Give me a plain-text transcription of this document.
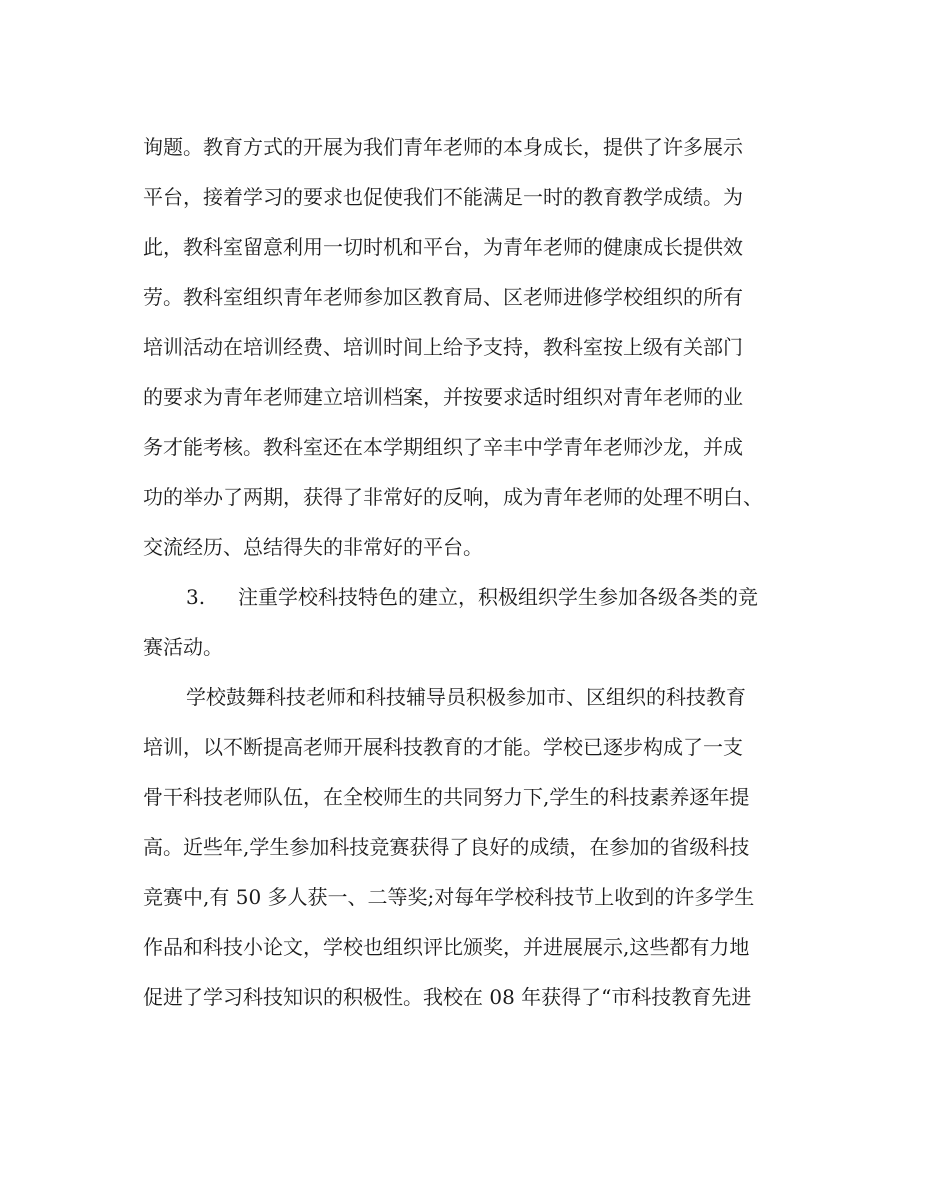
询题。教育方式的开展为我们青年老师的本身成长，提供了许多展示
平台，接着学习的要求也促使我们不能满足一时的教育教学成绩。为
此，教科室留意利用一切时机和平台，为青年老师的健康成长提供效
劳。教科室组织青年老师参加区教育局、区老师进修学校组织的所有
培训活动在培训经费、培训时间上给予支持，教科室按上级有关部门
的要求为青年老师建立培训档案，并按要求适时组织对青年老师的业
务才能考核。教科室还在本学期组织了辛丰中学青年老师沙龙，并成
功的举办了两期，获得了非常好的反响，成为青年老师的处理不明白、
交流经历、总结得失的非常好的平台。
3. 注重学校科技特色的建立，积极组织学生参加各级各类的竞
赛活动。
学校鼓舞科技老师和科技辅导员积极参加市、区组织的科技教育
培训，以不断提高老师开展科技教育的才能。学校已逐步构成了一支
骨干科技老师队伍，在全校师生的共同努力下,学生的科技素养逐年提
高。近些年,学生参加科技竞赛获得了良好的成绩，在参加的省级科技
竞赛中,有 50 多人获一、二等奖;对每年学校科技节上收到的许多学生
作品和科技小论文，学校也组织评比颁奖，并进展展示,这些都有力地
促进了学习科技知识的积极性。我校在 08 年获得了“市科技教育先进
